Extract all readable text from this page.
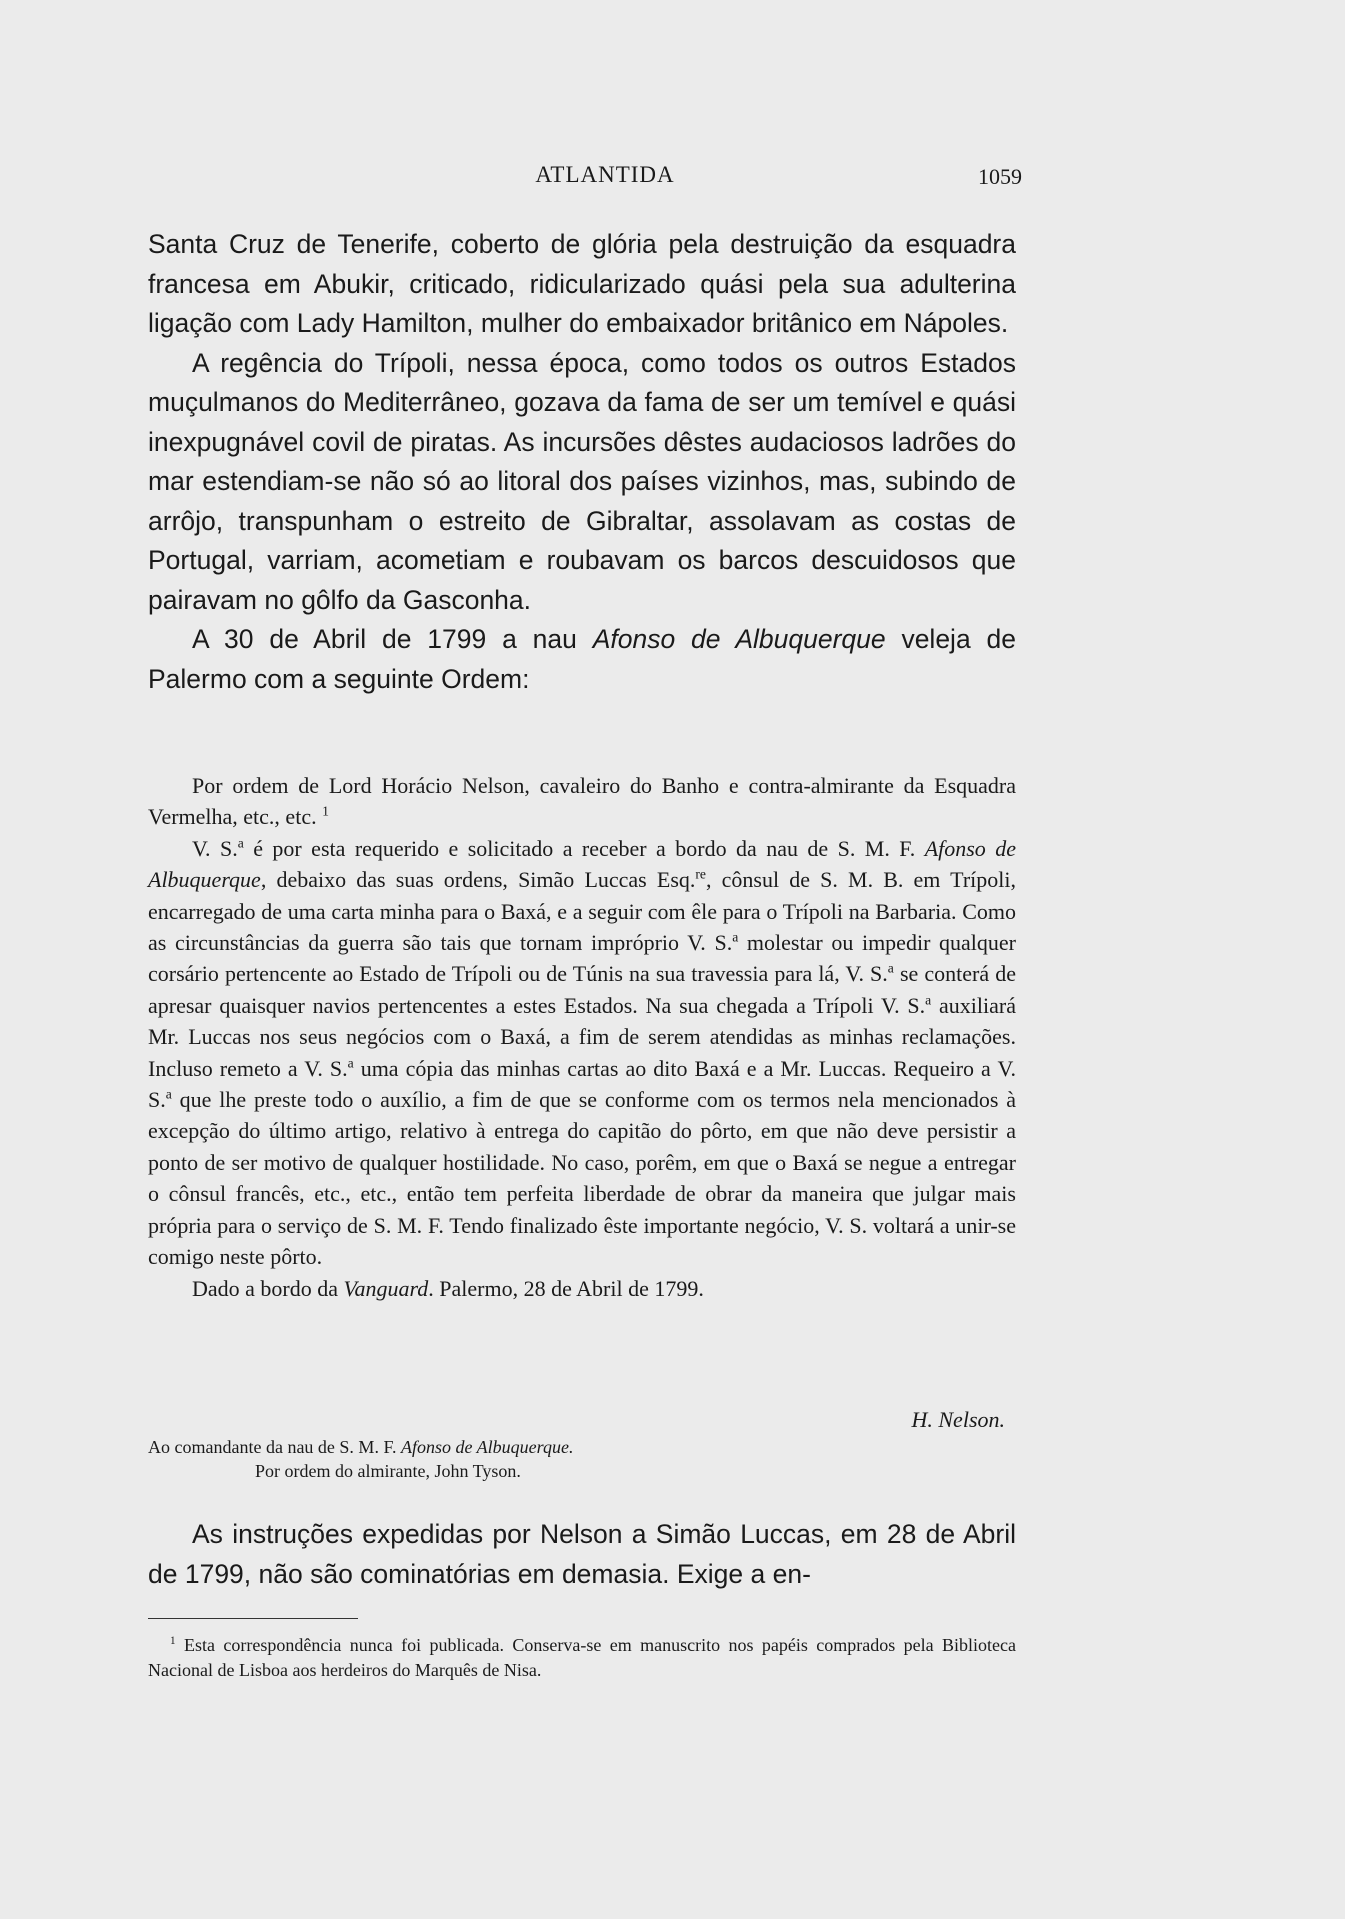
ATLANTIDA	1059

Santa Cruz de Tenerife, coberto de glória pela destruição da esquadra francesa em Abukir, criticado, ridicularizado quási pela sua adulterina ligação com Lady Hamilton, mulher do embaixador britânico em Nápoles.

A regência do Trípoli, nessa época, como todos os outros Estados muçulmanos do Mediterrâneo, gozava da fama de ser um temível e quási inexpugnável covil de piratas. As incursões dêstes audaciosos ladrões do mar estendiam-se não só ao litoral dos países vizinhos, mas, subindo de arrôjo, transpunham o estreito de Gibraltar, assolavam as costas de Portugal, varriam, acometiam e roubavam os barcos descuidosos que pairavam no gôlfo da Gasconha.

A 30 de Abril de 1799 a nau Afonso de Albuquerque veleja de Palermo com a seguinte Ordem:

Por ordem de Lord Horácio Nelson, cavaleiro do Banho e contra-almirante da Esquadra Vermelha, etc., etc. $^1$

V. S.$^a$ é por esta requerido e solicitado a receber a bordo da nau de S. M. F. Afonso de Albuquerque, debaixo das suas ordens, Simão Luccas Esq.$^{re}$, cônsul de S. M. B. em Trípoli, encarregado de uma carta minha para o Baxá, e a seguir com êle para o Trípoli na Barbaria. Como as circunstâncias da guerra são tais que tornam impróprio V. S.$^a$ molestar ou impedir qualquer corsário pertencente ao Estado de Trípoli ou de Túnis na sua travessia para lá, V. S.$^a$ se conterá de apresar quaisquer navios pertencentes a estes Estados. Na sua chegada a Trípoli V. S.$^a$ auxiliará Mr. Luccas nos seus negócios com o Baxá, a fim de serem atendidas as minhas reclamações. Incluso remeto a V. S.$^a$ uma cópia das minhas cartas ao dito Baxá e a Mr. Luccas. Requeiro a V. S.$^a$ que lhe preste todo o auxílio, a fim de que se conforme com os termos nela mencionados à excepção do último artigo, relativo à entrega do capitão do pôrto, em que não deve persistir a ponto de ser motivo de qualquer hostilidade. No caso, porêm, em que o Baxá se negue a entregar o cônsul francês, etc., etc., então tem perfeita liberdade de obrar da maneira que julgar mais própria para o serviço de S. M. F. Tendo finalizado êste importante negócio, V. S. voltará a unir-se comigo neste pôrto.

Dado a bordo da Vanguard. Palermo, 28 de Abril de 1799.

H. Nelson.
Ao comandante da nau de S. M. F. Afonso de Albuquerque.
Por ordem do almirante, John Tyson.

As instruções expedidas por Nelson a Simão Luccas, em 28 de Abril de 1799, não são cominatórias em demasia. Exige a en-

$^1$ Esta correspondência nunca foi publicada. Conserva-se em manuscrito nos papéis comprados pela Biblioteca Nacional de Lisboa aos herdeiros do Marquês de Nisa.
